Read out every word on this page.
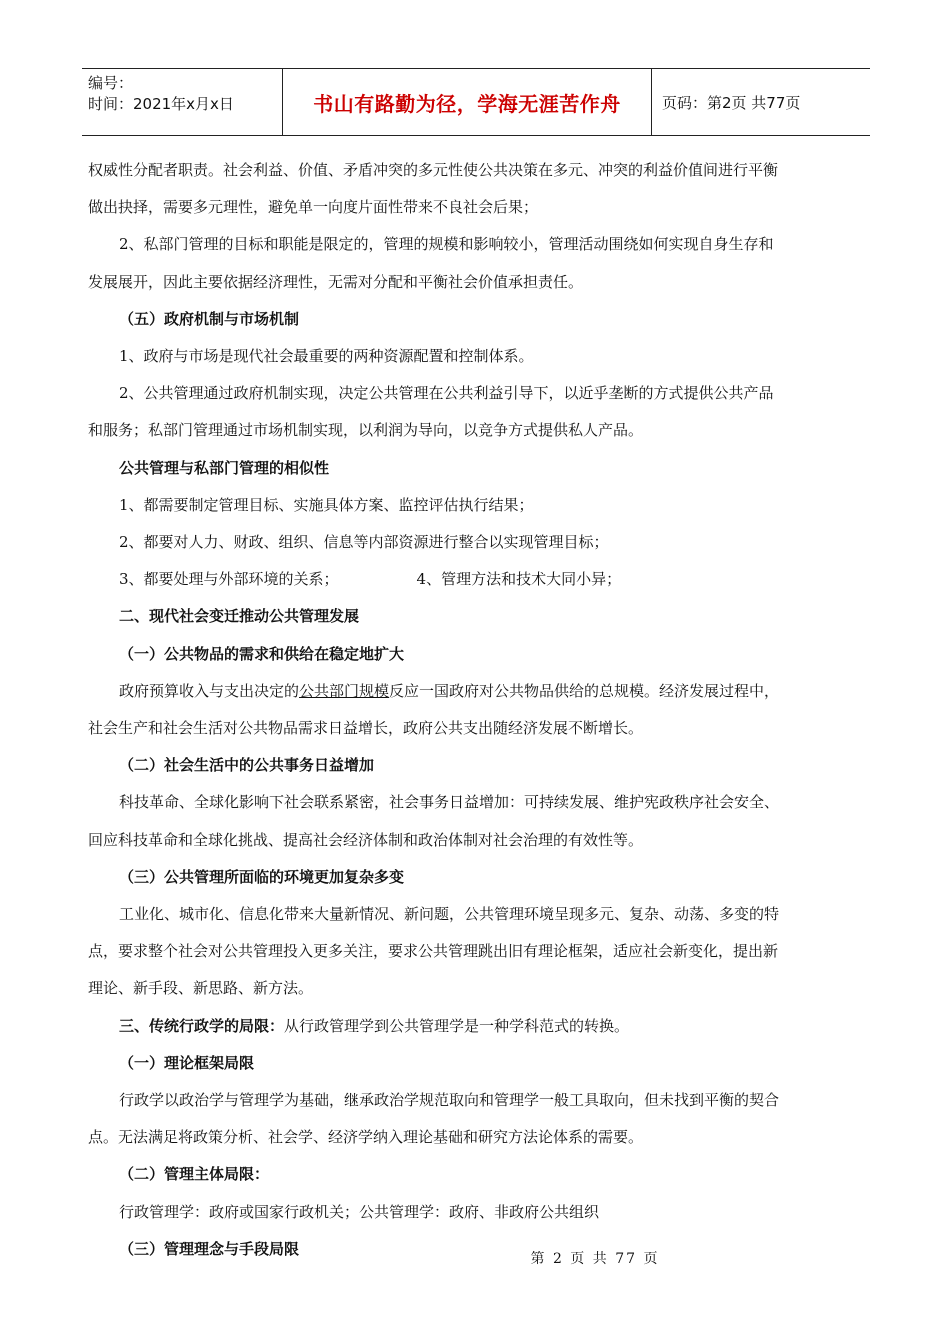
编号：
时间：2021年x月x日	书山有路勤为径，学海无涯苦作舟	页码：第2页 共77页

权威性分配者职责。社会利益、价值、矛盾冲突的多元性使公共决策在多元、冲突的利益价值间进行平衡

做出抉择，需要多元理性，避免单一向度片面性带来不良社会后果；

2、私部门管理的目标和职能是限定的，管理的规模和影响较小，管理活动围绕如何实现自身生存和

发展展开，因此主要依据经济理性，无需对分配和平衡社会价值承担责任。

（五）政府机制与市场机制

1、政府与市场是现代社会最重要的两种资源配置和控制体系。

2、公共管理通过政府机制实现，决定公共管理在公共利益引导下，以近乎垄断的方式提供公共产品

和服务；私部门管理通过市场机制实现，以利润为导向，以竞争方式提供私人产品。

公共管理与私部门管理的相似性

1、都需要制定管理目标、实施具体方案、监控评估执行结果；

2、都要对人力、财政、组织、信息等内部资源进行整合以实现管理目标；

3、都要处理与外部环境的关系；	4、管理方法和技术大同小异；

二、现代社会变迁推动公共管理发展

（一）公共物品的需求和供给在稳定地扩大

政府预算收入与支出决定的公共部门规模反应一国政府对公共物品供给的总规模。经济发展过程中，

社会生产和社会生活对公共物品需求日益增长，政府公共支出随经济发展不断增长。

（二）社会生活中的公共事务日益增加

科技革命、全球化影响下社会联系紧密，社会事务日益增加：可持续发展、维护宪政秩序社会安全、

回应科技革命和全球化挑战、提高社会经济体制和政治体制对社会治理的有效性等。

（三）公共管理所面临的环境更加复杂多变

工业化、城市化、信息化带来大量新情况、新问题，公共管理环境呈现多元、复杂、动荡、多变的特

点，要求整个社会对公共管理投入更多关注，要求公共管理跳出旧有理论框架，适应社会新变化，提出新

理论、新手段、新思路、新方法。

三、传统行政学的局限：从行政管理学到公共管理学是一种学科范式的转换。

（一）理论框架局限

行政学以政治学与管理学为基础，继承政治学规范取向和管理学一般工具取向，但未找到平衡的契合

点。无法满足将政策分析、社会学、经济学纳入理论基础和研究方法论体系的需要。

（二）管理主体局限：

行政管理学：政府或国家行政机关；公共管理学：政府、非政府公共组织

（三）管理理念与手段局限

第 2 页 共 77 页
